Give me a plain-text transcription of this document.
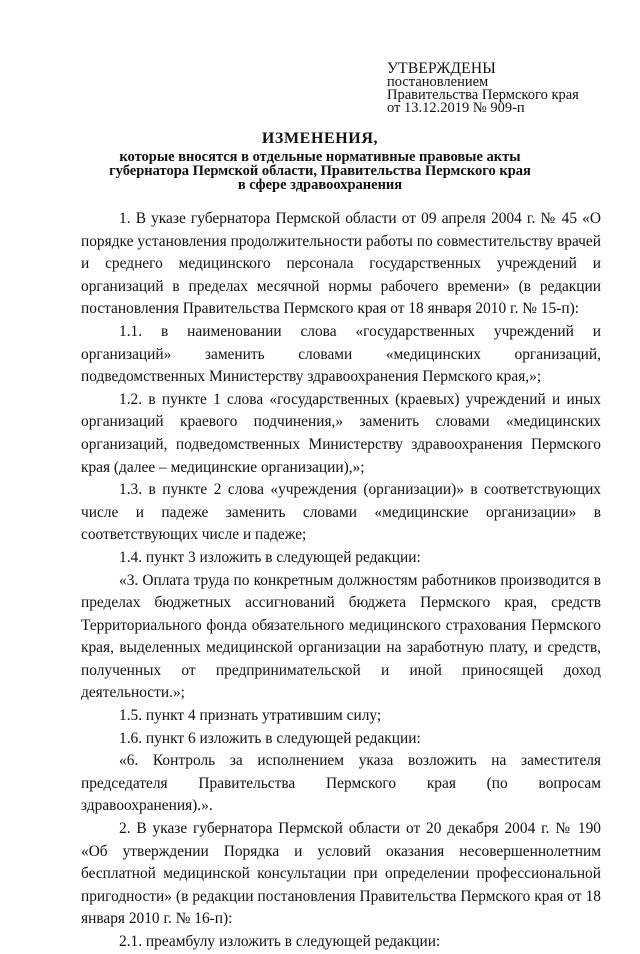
УТВЕРЖДЕНЫ
постановлением
Правительства Пермского края
от 13.12.2019 № 909-п
ИЗМЕНЕНИЯ,
которые вносятся в отдельные нормативные правовые акты
губернатора Пермской области, Правительства Пермского края
в сфере здравоохранения

1. В указе губернатора Пермской области от 09 апреля 2004 г. № 45 «О порядке установления продолжительности работы по совместительству врачей и среднего медицинского персонала государственных учреждений и организаций в пределах месячной нормы рабочего времени» (в редакции постановления Правительства Пермского края от 18 января 2010 г. № 15-п):

1.1. в наименовании слова «государственных учреждений и организаций» заменить словами «медицинских организаций, подведомственных Министерству здравоохранения Пермского края,»;

1.2. в пункте 1 слова «государственных (краевых) учреждений и иных организаций краевого подчинения,» заменить словами «медицинских организаций, подведомственных Министерству здравоохранения Пермского края (далее – медицинские организации),»;

1.3. в пункте 2 слова «учреждения (организации)» в соответствующих числе и падеже заменить словами «медицинские организации» в соответствующих числе и падеже;

1.4. пункт 3 изложить в следующей редакции:

«3. Оплата труда по конкретным должностям работников производится в пределах бюджетных ассигнований бюджета Пермского края, средств Территориального фонда обязательного медицинского страхования Пермского края, выделенных медицинской организации на заработную плату, и средств, полученных от предпринимательской и иной приносящей доход деятельности.»;

1.5. пункт 4 признать утратившим силу;

1.6. пункт 6 изложить в следующей редакции:

«6. Контроль за исполнением указа возложить на заместителя председателя Правительства Пермского края (по вопросам здравоохранения).».

2. В указе губернатора Пермской области от 20 декабря 2004 г. № 190 «Об утверждении Порядка и условий оказания несовершеннолетним бесплатной медицинской консультации при определении профессиональной пригодности» (в редакции постановления Правительства Пермского края от 18 января 2010 г. № 16-п):

2.1. преамбулу изложить в следующей редакции:
